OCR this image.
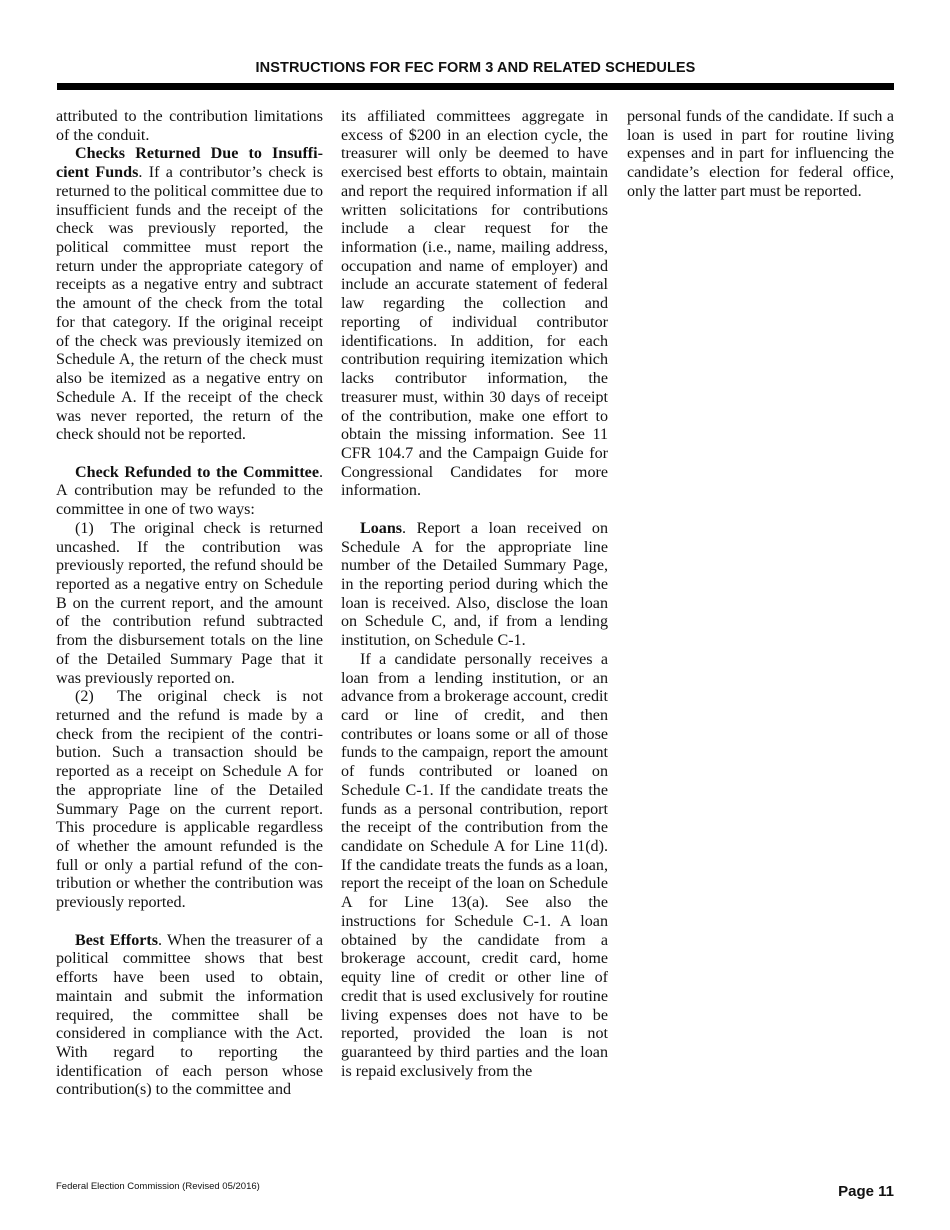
INSTRUCTIONS FOR FEC FORM 3 AND RELATED SCHEDULES

attributed to the contribution limitations of the conduit.

Checks Returned Due to Insufficient Funds. If a contributor’s check is returned to the political committee due to insufficient funds and the receipt of the check was previously reported, the political committee must report the return under the appropriate category of receipts as a negative entry and subtract the amount of the check from the total for that category. If the original receipt of the check was previously itemized on Schedule A, the return of the check must also be itemized as a negative entry on Schedule A. If the receipt of the check was never reported, the return of the check should not be reported.

Check Refunded to the Committee. A contribution may be refunded to the committee in one of two ways:

(1)  The original check is returned uncashed. If the contribution was previously reported, the refund should be reported as a negative entry on Schedule B on the current report, and the amount of the contribution refund subtracted from the disbursement totals on the line of the Detailed Summary Page that it was previously reported on.

(2)  The original check is not returned and the refund is made by a check from the recipient of the contribution. Such a transaction should be reported as a receipt on Schedule A for the appropriate line of the Detailed Summary Page on the current report. This procedure is applicable regardless of whether the amount refunded is the full or only a partial refund of the contribution or whether the contribution was previously reported.

Best Efforts. When the treasurer of a political committee shows that best efforts have been used to obtain, maintain and submit the information required, the committee shall be considered in compliance with the Act. With regard to reporting the identification of each person whose contribution(s) to the committee and

its affiliated committees aggregate in excess of $200 in an election cycle, the treasurer will only be deemed to have exercised best efforts to obtain, maintain and report the required information if all written solicitations for contributions include a clear request for the information (i.e., name, mailing address, occupation and name of employer) and include an accurate statement of federal law regarding the collection and reporting of individual contributor identifications. In addition, for each contribution requiring itemization which lacks contributor information, the treasurer must, within 30 days of receipt of the contribution, make one effort to obtain the missing information. See 11 CFR 104.7 and the Campaign Guide for Congressional Candidates for more information.

Loans. Report a loan received on Schedule A for the appropriate line number of the Detailed Summary Page, in the reporting period during which the loan is received. Also, disclose the loan on Schedule C, and, if from a lending institution, on Schedule C-1.

If a candidate personally receives a loan from a lending institution, or an advance from a brokerage account, credit card or line of credit, and then contributes or loans some or all of those funds to the campaign, report the amount of funds contributed or loaned on Schedule C-1. If the candidate treats the funds as a personal contribution, report the receipt of the contribution from the candidate on Schedule A for Line 11(d). If the candidate treats the funds as a loan, report the receipt of the loan on Schedule A for Line 13(a). See also the instructions for Schedule C-1. A loan obtained by the candidate from a brokerage account, credit card, home equity line of credit or other line of credit that is used exclusively for routine living expenses does not have to be reported, provided the loan is not guaranteed by third parties and the loan is repaid exclusively from the

personal funds of the candidate. If such a loan is used in part for routine living expenses and in part for influencing the candidate’s election for federal office, only the latter part must be reported.

Federal Election Commission (Revised 05/2016)	Page 11
